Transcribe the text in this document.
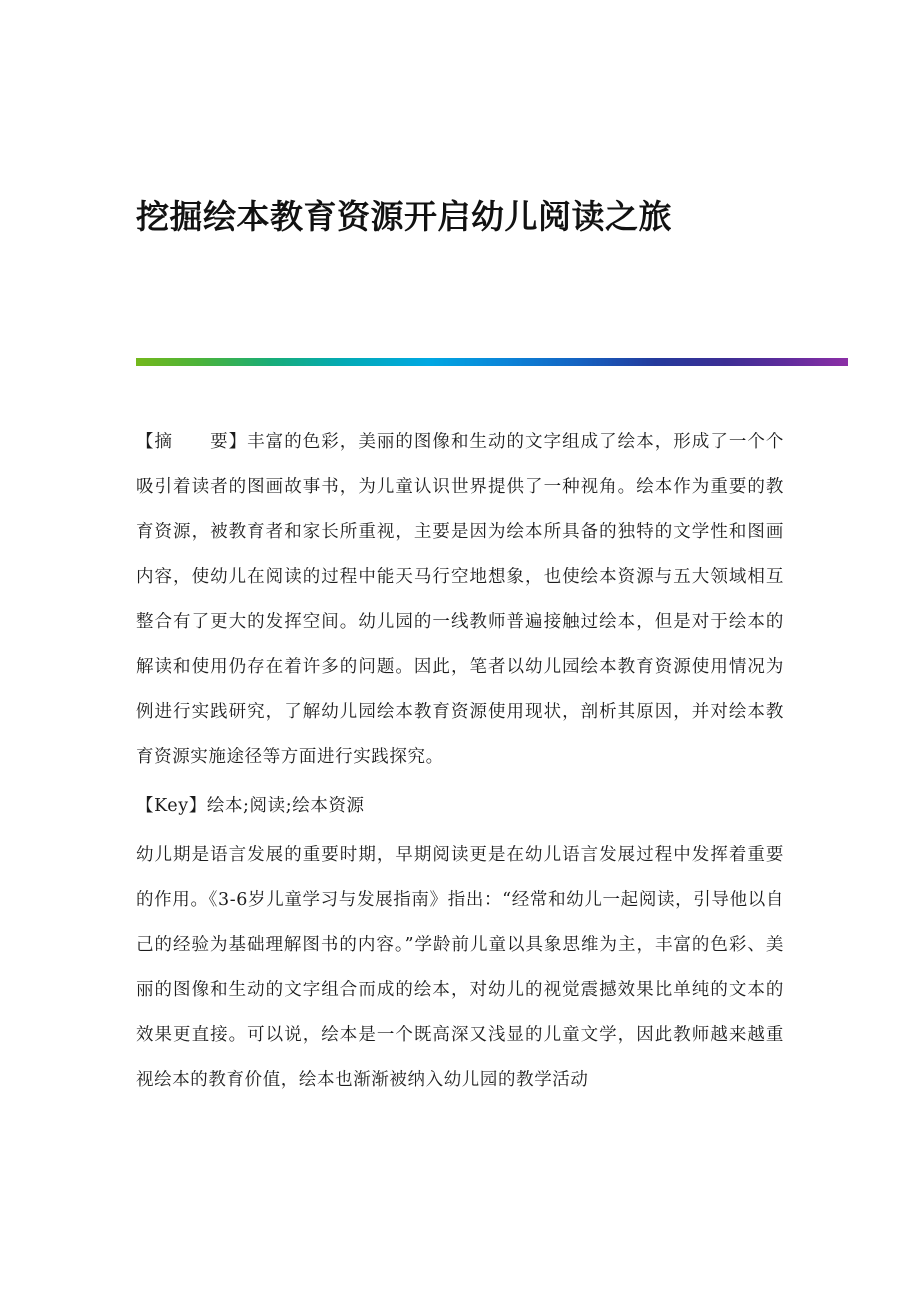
挖掘绘本教育资源开启幼儿阅读之旅

【摘　　要】丰富的色彩，美丽的图像和生动的文字组成了绘本，形成了一个个吸引着读者的图画故事书，为儿童认识世界提供了一种视角。绘本作为重要的教育资源，被教育者和家长所重视，主要是因为绘本所具备的独特的文学性和图画内容，使幼儿在阅读的过程中能天马行空地想象，也使绘本资源与五大领域相互整合有了更大的发挥空间。幼儿园的一线教师普遍接触过绘本，但是对于绘本的解读和使用仍存在着许多的问题。因此，笔者以幼儿园绘本教育资源使用情况为例进行实践研究，了解幼儿园绘本教育资源使用现状，剖析其原因，并对绘本教育资源实施途径等方面进行实践探究。

【Key】绘本;阅读;绘本资源

幼儿期是语言发展的重要时期，早期阅读更是在幼儿语言发展过程中发挥着重要的作用。《3-6岁儿童学习与发展指南》指出：“经常和幼儿一起阅读，引导他以自己的经验为基础理解图书的内容。”学龄前儿童以具象思维为主，丰富的色彩、美丽的图像和生动的文字组合而成的绘本，对幼儿的视觉震撼效果比单纯的文本的效果更直接。可以说，绘本是一个既高深又浅显的儿童文学，因此教师越来越重视绘本的教育价值，绘本也渐渐被纳入幼儿园的教学活动
